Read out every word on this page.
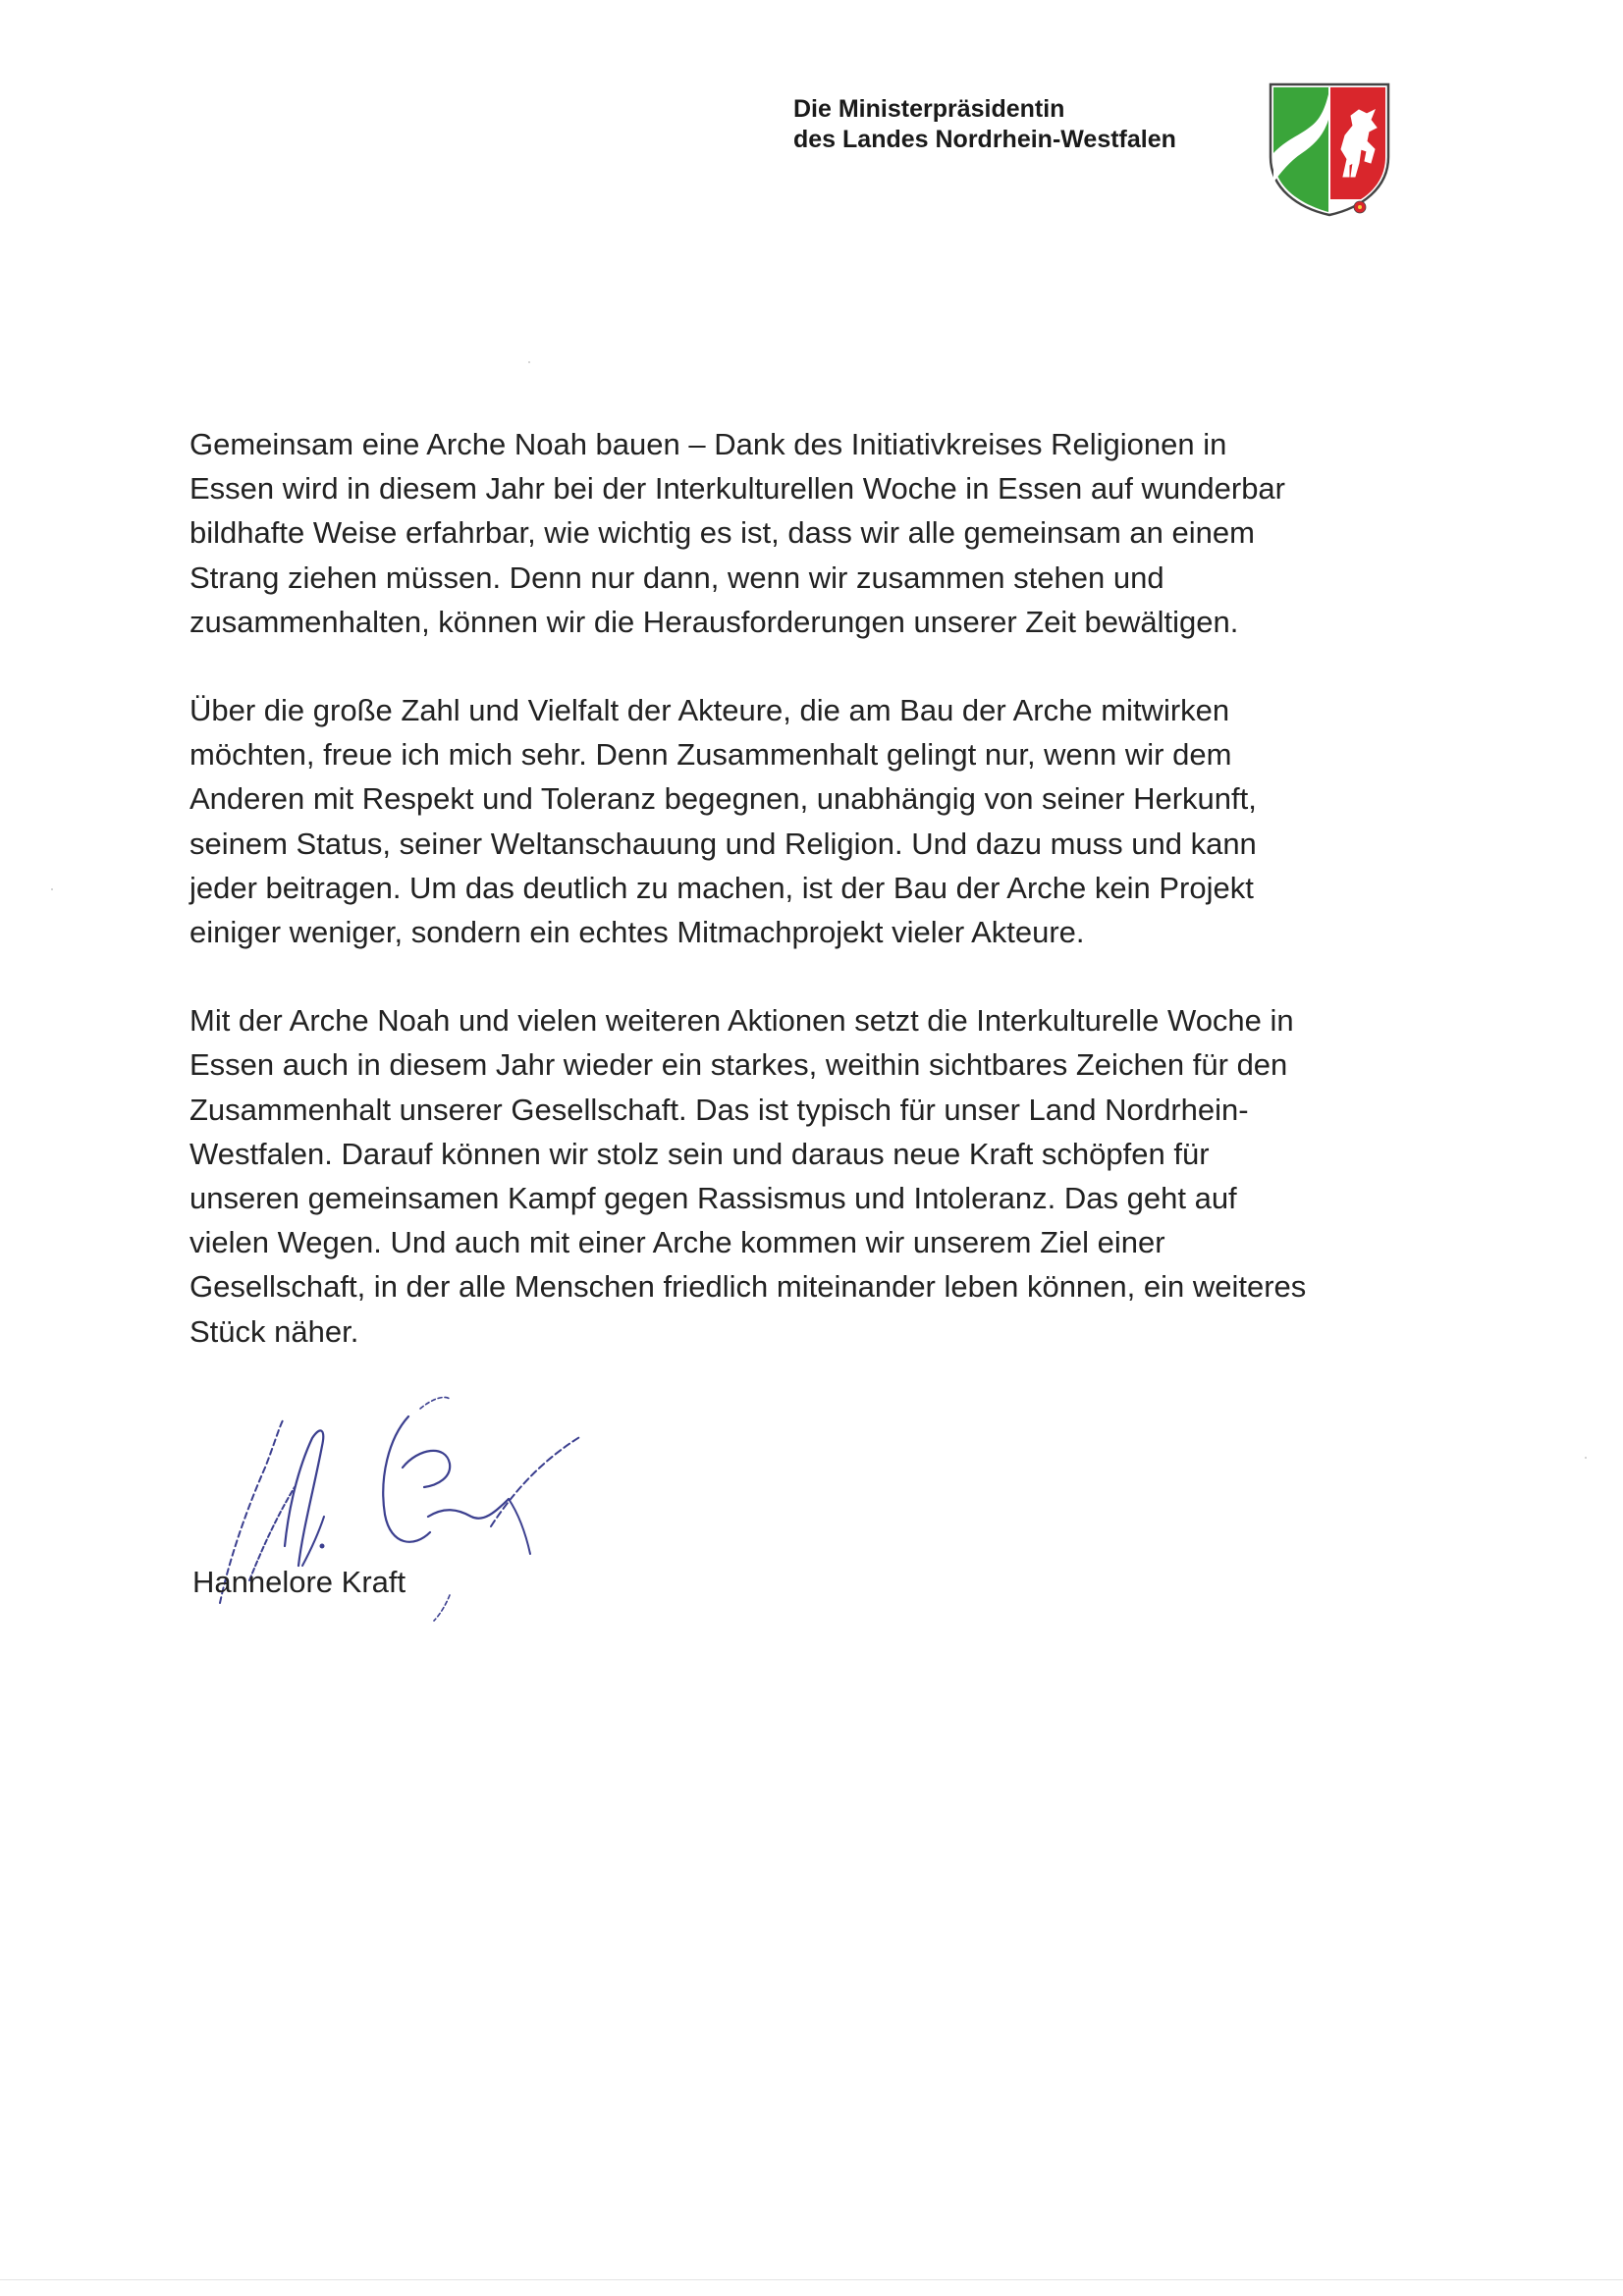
Die Ministerpräsidentin
des Landes Nordrhein-Westfalen

Gemeinsam eine Arche Noah bauen – Dank des Initiativkreises Religionen in
Essen wird in diesem Jahr bei der Interkulturellen Woche in Essen auf wunderbar
bildhafte Weise erfahrbar, wie wichtig es ist, dass wir alle gemeinsam an einem
Strang ziehen müssen. Denn nur dann, wenn wir zusammen stehen und
zusammenhalten, können wir die Herausforderungen unserer Zeit bewältigen.

Über die große Zahl und Vielfalt der Akteure, die am Bau der Arche mitwirken
möchten, freue ich mich sehr. Denn Zusammenhalt gelingt nur, wenn wir dem
Anderen mit Respekt und Toleranz begegnen, unabhängig von seiner Herkunft,
seinem Status, seiner Weltanschauung und Religion. Und dazu muss und kann
jeder beitragen. Um das deutlich zu machen, ist der Bau der Arche kein Projekt
einiger weniger, sondern ein echtes Mitmachprojekt vieler Akteure.

Mit der Arche Noah und vielen weiteren Aktionen setzt die Interkulturelle Woche in
Essen auch in diesem Jahr wieder ein starkes, weithin sichtbares Zeichen für den
Zusammenhalt unserer Gesellschaft. Das ist typisch für unser Land Nordrhein-
Westfalen. Darauf können wir stolz sein und daraus neue Kraft schöpfen für
unseren gemeinsamen Kampf gegen Rassismus und Intoleranz. Das geht auf
vielen Wegen. Und auch mit einer Arche kommen wir unserem Ziel einer
Gesellschaft, in der alle Menschen friedlich miteinander leben können, ein weiteres
Stück näher.

Hannelore Kraft
